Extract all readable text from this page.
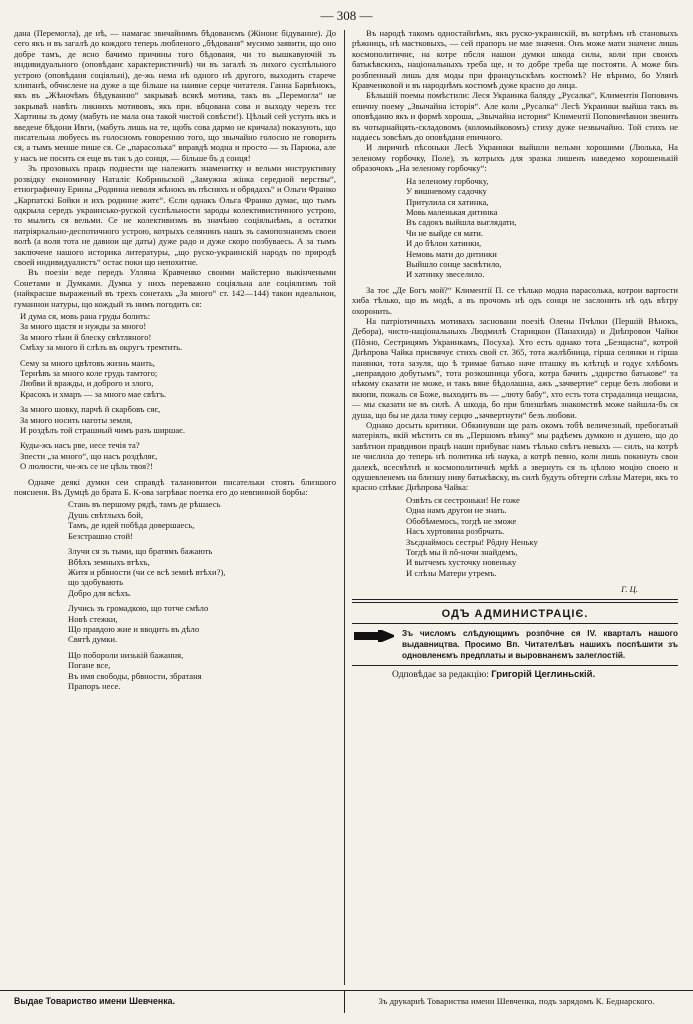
— 308 —

дана (Перемогла), де нѣ, — намагає звичайнимъ бѣдованємъ (Жінонє бідуванне). До сего якъ и въ загалѣ до кождого теперь любленого „бѣдованя“ мусимо заявити, що оно добре тамъ, де ясно бачимо причины того бѣдованя, чи то вышкавуючій зъ индивидуального (оповѣданє характеристичнѣ) чи въ загалѣ зъ лихого суспѣльного устрою (оповѣданя соціяльні), де-жь нема нѣ одного нѣ другого, выходить старече хлипанѣ, обчислене на дуже а ще більше на наивне серце читателя. Ганна Барвѣнокъ, якъ въ „Жѣночѣмъ бѣдуванню“ закрываѣ всякѣ мотива, такъ въ „Перемогла“ не закрываѣ навѣть ликнихъ мотивовъ, якъ при. вбцована сова и выходу черезъ тєє Хартины зъ дому (мабуть не мала она такой чистой совѣсти!). Цѣлый сей уступъ якъ и введене бѣдони Ивги, (мабуть лишь на те, щобъ сова дармо не кричала) показують, що писательна любуесь въ голосномъ говоренню того, що звычайно голосно не говорить ся, а тымъ менше пише ся. Се „парасолька“ вправдѣ модна и просто — зъ Парижа, але у насъ не посить ся еще въ так ъ до сонця, — більше бъ д сонця!

Зъ прозовыхъ працъ поднести ще належить знаменитку и вельми инструктивну розвідку економичну Наталіє Кобриньской „Замужна жінка середной верствы“, етнографичну Ерины „Родинна неволя жѣнокъ въ пѣсняхъ и обрядахъ“ и Ольги Франко „Карпатскі Бойки и ихъ родинне житє“. Єсли однакъ Ольга Франко думає, що тымъ одкрыла середъ украинсько-руской суспѣльности зароды колективистичного устрою, то мылить ся вельми. Се не колективизмъ въ значѣню соціяльнѣмъ, а остатки патріярхально-деспотичного устрою, котрыхъ селянинъ нашъ зъ самопознанємъ своеи волѣ (а воля тота не давнои ще даты) дуже радо и дуже скоро позбуваесь. А за тымъ заключене нашого историка литературы, „що руско-украинскій народъ по природѣ своей индивидуалистъ“ остає поки що непохитне.

Въ поезіи веде передъ Улляна Кравченко своими майстерно выкінчеными Сонетами и Думками. Думка у нихъ переважно соціяльна але соціялизмъ той (найкрасше выраженый въ трехъ сонетахъ „За много“ ст. 142—144) такои идеальнои, гуманнои натуры, що кождый зъ нимъ погодить ся:

И дума ся, мовь рана груды болить:
За много щастя и нужды за много!
За много тѣни й блеску свѣтляного!
Смѣху за много й слѣзъ въ округъ тремтить.
Сему за много цвѣтовъ жизнь маить,
Тернѣвъ за много коле грудь тамтого;
Любви й вражды, и доброго и злого,
Красокъ и хмаръ — за много мае свѣтъ.
За много шовку, парчѣ й скарбовъ сяє,
За много носить наготы земля,
И роздѣлъ той страшный чимъ разъ ширшає.
Куды-жъ насъ рве, несе течія та?
Зпести „за много“, що насъ роздѣляє,
О люлюсти, чи-жъ се не цѣль твоя?!

Одначе деякі думки сеи справдѣ талановитои писательки стоять близшого поясненя. Въ Думцѣ до брата Б. К-ова загрѣває поетка его до невпинной борбы:

Стань въ першому рядѣ, тамъ де рѣшаесь
Душь свѣтлыхъ бой,
Тамъ, де идей побѣда довершаесь,
Безстрашно стой!
Злучи ся зъ тыми, що братямъ бажають
Вбѣхъ земныхъ втѣхъ,
Житя и рбвности (чи се всѣ земнѣ втѣхи?),
що здобувають
Добро для всѣхъ.
Лучись зъ громадкою, що тотче смѣло
Новѣ стежки,
Що правдою жие и вводить въ дѣло
Святѣ думки.
Що побороли низькій бажання,
Погане все,
Въ имя свободы, рбвности, збратаня
Прапоръ несе.

Въ народѣ такомъ одностайнѣмъ, якъ руско-украинскій, въ котрѣмъ нѣ становыхъ рѣжницъ, нѣ мастковыхъ, — сей прапоръ не мае значеня. Онъ може мати значенє лишь космополитичнє, на котре пбсля нашои думки шкода силы, коли при своихъ батькѣвскихъ, національныхъ треба ще, и то добре треба ще постояти. А може бнъ розбпенный лишь для моды при французьскѣмъ костюмѣ? Не вѣрнмо, бо Улянѣ Кравченковой и въ народнѣмъ костюмѣ дуже красно до лица.

Бѣльшій поемы помѣстили: Леся Украинка баляду „Русалка“, Климентія Поповичъ епичну поему „Звычайна історія“. Але коли „Русалка“ Лесѣ Украинки выйша такъ въ оповѣданю якъ и формѣ хороша, „Звычайна история“ Климентії Поповичѣвнои звенить въ чотырнайцять-складовомъ (коломыйковомъ) стиху дуже незвычайно. Той стихъ не надаесь зовсѣмъ до оповѣданя епичного.

И лиричнѣ пѣсоньки Лесѣ Украинки выйшли вельми хорошими (Люлька, На зеленому горбочку, Поле), зъ котрыхъ для зразка лишенъ наведемо хорошенькій образочокъ „На зеленому горбочку“:

На зеленому горбочку,
У вишневому садочку
Притулила ся хатинка,
Мовь маленькая дитинка
Въ садокъ выйшла выглядати,
Чи не выйде ся мати.
И до бѣлои хатинки,
Немовь мати до дитинки
Выйшло сонце засвѣтило,
И хатинку звеселило.

За тоє „Де Богъ мой?“ Климентії П. се тѣлько модна парасолька, котрои вартости хиба тѣлько, що въ модѣ, а въ прочомъ нѣ одъ сонця не заслонить нѣ одъ вѣтру охоронить.

На патріотичныхъ мотивахъ засновани поезіѣ Олены Пчѣлки (Першій Вѣнокъ, Дебора), чисто-національныхъ Людмилѣ Старицкои (Панахида) и Днѣпровои Чайки (Пôзно, Сестрицямъ Украинкамъ, Посуха). Хто есть однако тота „Безщасна“, котрой Днѣпрова Чайка присвячує стихъ свой ст. 365, тота жалѣбница, гірша селянки и гірша панянки, тота зазуля, що ѣ тримае батько наче пташку въ клѣтцѣ и годує хлѣбомъ „неправдою добутымъ“, тота розкошница убога, котра бачить „здирство батькове“ та нѣкому сказати не може, и такъ вяне бѣдолашна, ажъ „зачвертие“ серце безъ любови и вкюпи, пожаль ся Боже, выходить въ — „люту бабу“, хто есть тота страдалица нещасна, — мы сказати не въ силѣ. А шкода, бо при близшѣмъ знакомствѣ може найшла-бъ ся душа, що бы не дала тому серцю „зачвертнути“ безъ любови.

Однако досыть критики. Обкинувши ще разъ окомъ тобѣ величезный, пребогатый матеріялъ, якій мѣстить ся въ „Першомъ вѣнку“ мы радѣемъ думкою и душею, що до завѣтнои правдивои працѣ наши прибуває намъ тѣлько свѣтъ невыхъ — силъ, на котрѣ не числила до теперь нѣ политика нѣ наука, а котрѣ певно, коли лишь покинуть свои далекѣ, всесвѣтнѣ и космополитичнѣ мрѣѣ а звернуть ся зъ цѣлою моцію своею и одушевленемъ на близшу ниву батькѣвску, въ силѣ будуть обтерти слѣзы Матери, якъ то красно спѣває Днѣпрова Чайка:

Озвѣть ся сестроньки! Не гоже
Одна намъ другои не знать.
Обобѣмемось, тогдѣ не зможе
Насъ хуртовина розбрчать.
Зъєднаймось сестры! Рôдну Неньку
Тогдѣ мы й пô-ночи знайдемъ,
И вытчемъ хусточку новеньку
И слѣзы Матери утремъ.
Г. Ц.
ОДЪ АДМИНИСТРАЦІЄ.
Зъ числомъ слѣдующимъ розпôчне ся IV. кварталъ нашого выдавництва. Просимо Вп. Читателѣвъ нашихъ поспѣшити зъ одновленємъ предплаты и выровнанємъ залеглостій.
Одповѣдає за редакцію: Григорій Цеглиньскій.
Выдае Товариство имени Шевченка.	Зъ друкарнѣ Товариства имени Шевченка, подъ зарядомъ К. Беднарского.
